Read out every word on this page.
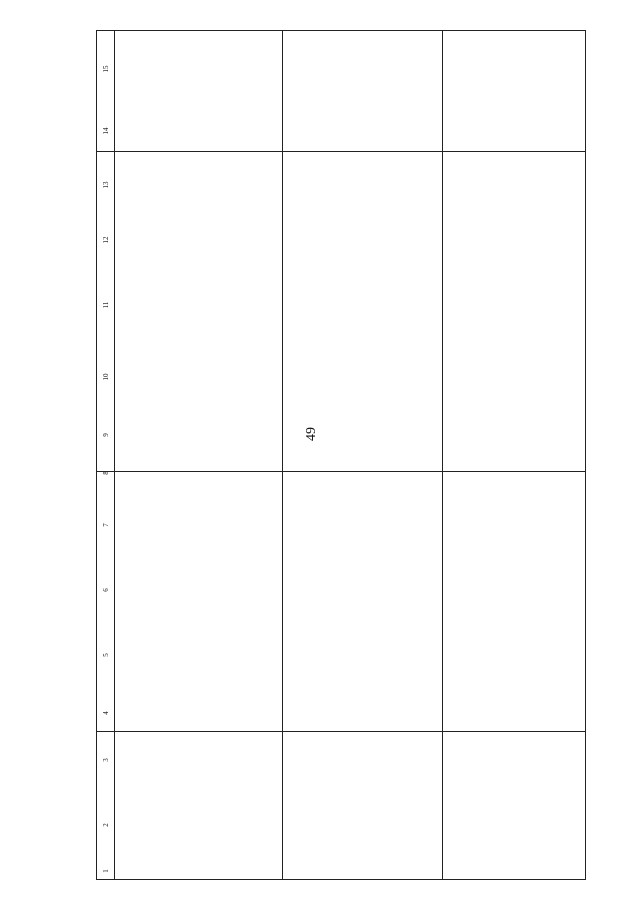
49
1
2
3
4
5
6
7
8
9
10
11
12
13
14
15
